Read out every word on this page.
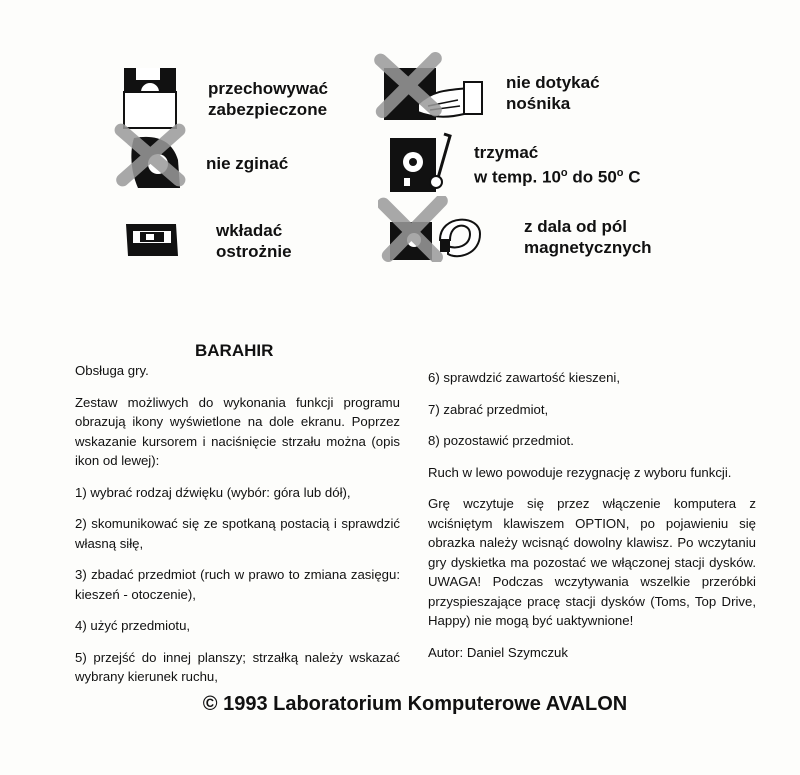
przechowywać
zabezpieczone
nie dotykać
nośnika
nie zginać
trzymać
w temp. 10$^o$ do 50$^o$ C
wkładać
ostrożnie
z dala od pól
magnetycznych
BARAHIR

Obsługa gry.

Zestaw możliwych do wykonania funkcji programu obrazują ikony wyświetlone na dole ekranu. Poprzez wskazanie kursorem i naciśnięcie strzału można (opis ikon od lewej):

1) wybrać rodzaj dźwięku (wybór: góra lub dół),

2) skomunikować się ze spotkaną postacią i sprawdzić własną siłę,

3) zbadać przedmiot (ruch w prawo to zmiana zasięgu: kieszeń - otoczenie),

4) użyć przedmiotu,

5) przejść do innej planszy; strzałką należy wskazać wybrany kierunek ruchu,

6) sprawdzić zawartość kieszeni,

7) zabrać przedmiot,

8) pozostawić przedmiot.

Ruch w lewo powoduje rezygnację z wyboru funkcji.

Grę wczytuje się przez włączenie komputera z wciśniętym klawiszem OPTION, po pojawieniu się obrazka należy wcisnąć dowolny klawisz. Po wczytaniu gry dyskietka ma pozostać we włączonej stacji dysków. UWAGA! Podczas wczytywania wszelkie przeróbki przyspieszające pracę stacji dysków (Toms, Top Drive, Happy) nie mogą być uaktywnione!

Autor: Daniel Szymczuk

© 1993 Laboratorium Komputerowe AVALON
